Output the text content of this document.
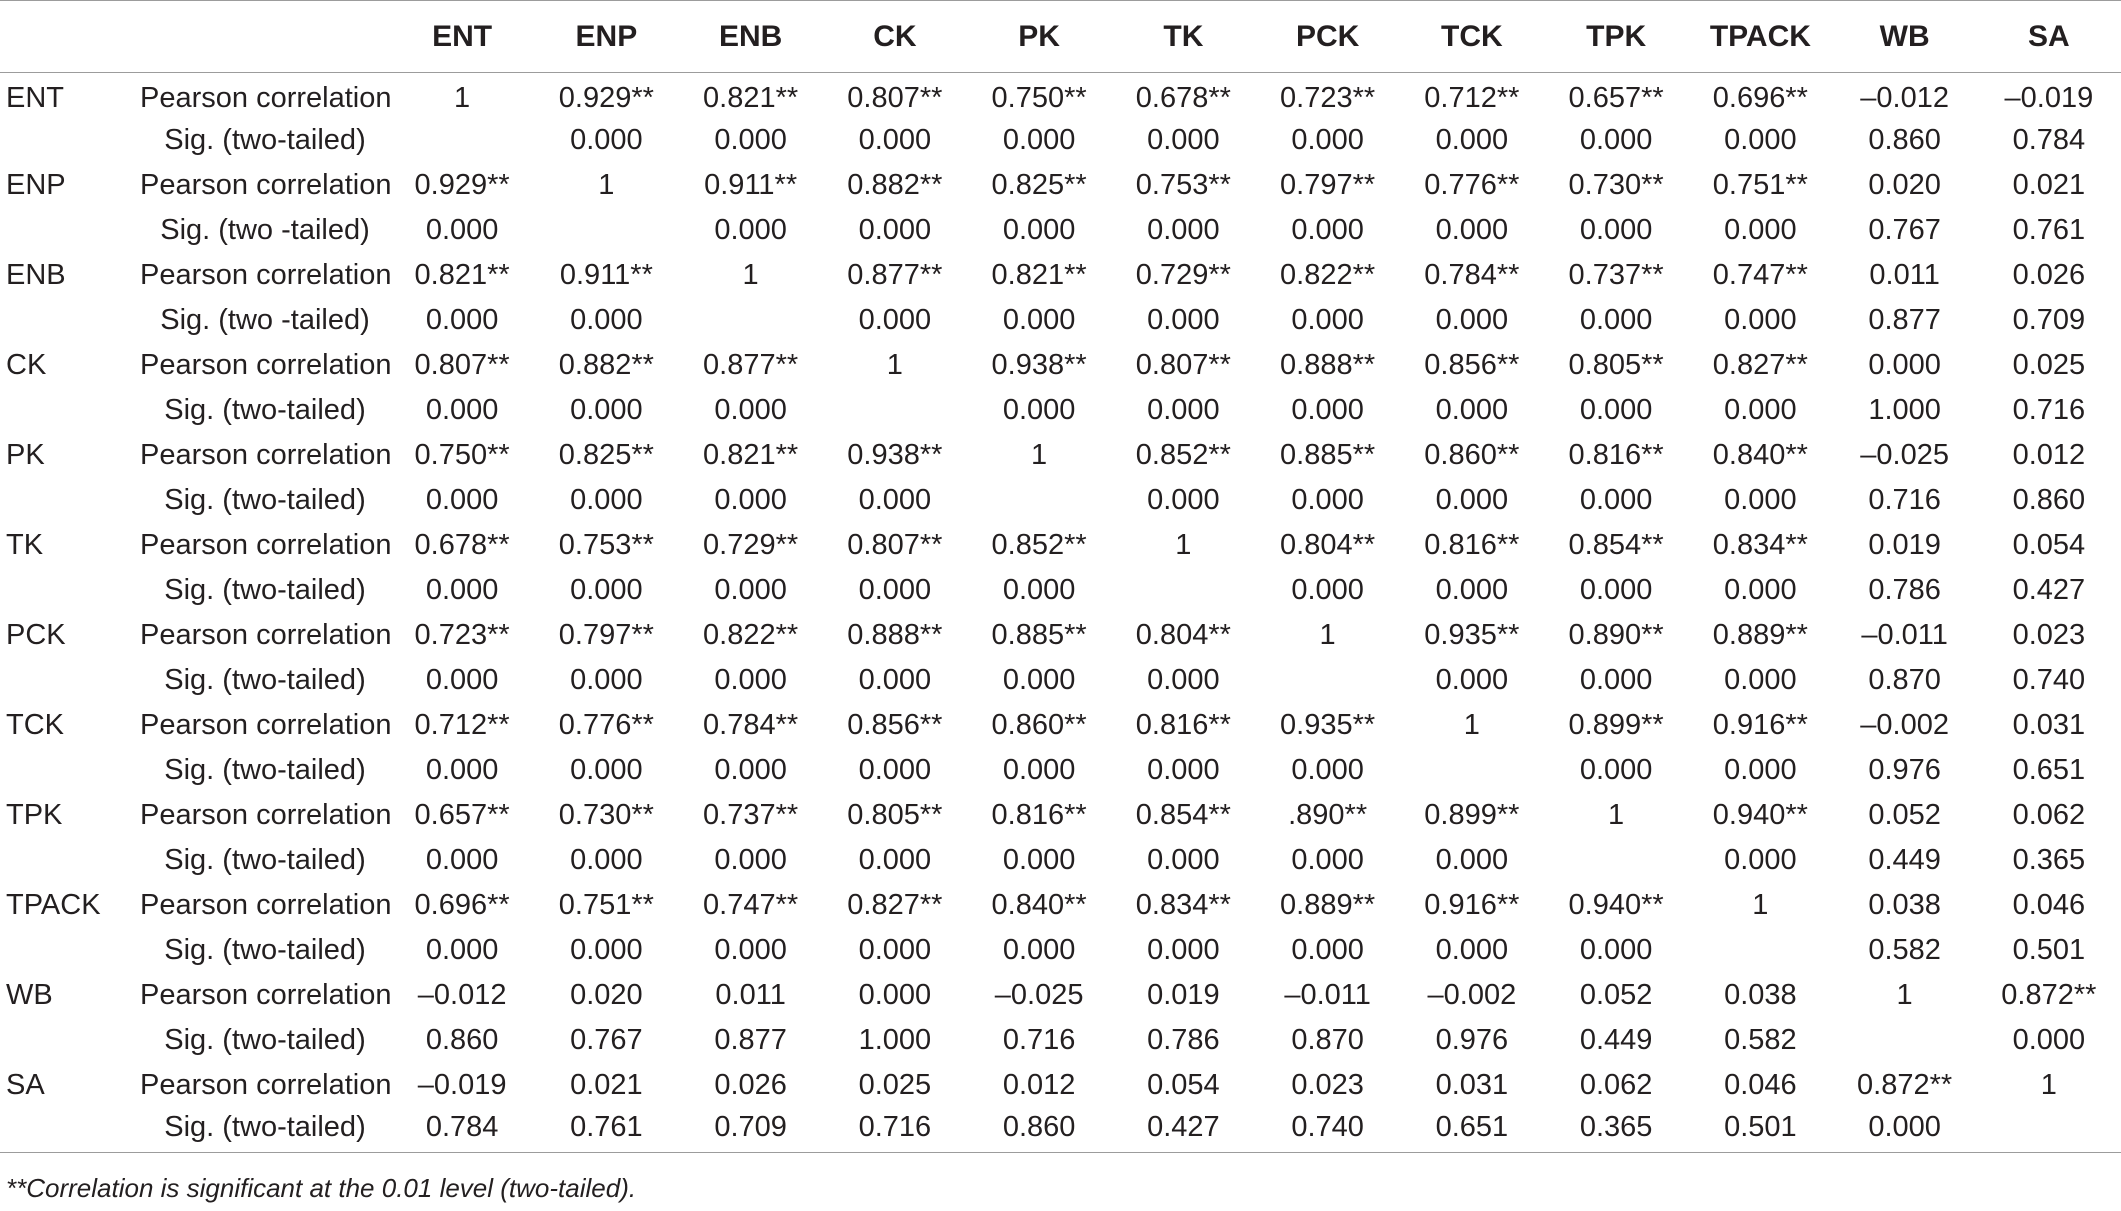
		ENT	ENP	ENB	CK	PK	TK	PCK	TCK	TPK	TPACK	WB	SA
ENT	Pearson correlation	1	0.929**	0.821**	0.807**	0.750**	0.678**	0.723**	0.712**	0.657**	0.696**	–0.012	–0.019
	Sig. (two-tailed)		0.000	0.000	0.000	0.000	0.000	0.000	0.000	0.000	0.000	0.860	0.784
ENP	Pearson correlation	0.929**	1	0.911**	0.882**	0.825**	0.753**	0.797**	0.776**	0.730**	0.751**	0.020	0.021
	Sig. (two -tailed)	0.000		0.000	0.000	0.000	0.000	0.000	0.000	0.000	0.000	0.767	0.761
ENB	Pearson correlation	0.821**	0.911**	1	0.877**	0.821**	0.729**	0.822**	0.784**	0.737**	0.747**	0.011	0.026
	Sig. (two -tailed)	0.000	0.000		0.000	0.000	0.000	0.000	0.000	0.000	0.000	0.877	0.709
CK	Pearson correlation	0.807**	0.882**	0.877**	1	0.938**	0.807**	0.888**	0.856**	0.805**	0.827**	0.000	0.025
	Sig. (two-tailed)	0.000	0.000	0.000		0.000	0.000	0.000	0.000	0.000	0.000	1.000	0.716
PK	Pearson correlation	0.750**	0.825**	0.821**	0.938**	1	0.852**	0.885**	0.860**	0.816**	0.840**	–0.025	0.012
	Sig. (two-tailed)	0.000	0.000	0.000	0.000		0.000	0.000	0.000	0.000	0.000	0.716	0.860
TK	Pearson correlation	0.678**	0.753**	0.729**	0.807**	0.852**	1	0.804**	0.816**	0.854**	0.834**	0.019	0.054
	Sig. (two-tailed)	0.000	0.000	0.000	0.000	0.000		0.000	0.000	0.000	0.000	0.786	0.427
PCK	Pearson correlation	0.723**	0.797**	0.822**	0.888**	0.885**	0.804**	1	0.935**	0.890**	0.889**	–0.011	0.023
	Sig. (two-tailed)	0.000	0.000	0.000	0.000	0.000	0.000		0.000	0.000	0.000	0.870	0.740
TCK	Pearson correlation	0.712**	0.776**	0.784**	0.856**	0.860**	0.816**	0.935**	1	0.899**	0.916**	–0.002	0.031
	Sig. (two-tailed)	0.000	0.000	0.000	0.000	0.000	0.000	0.000		0.000	0.000	0.976	0.651
TPK	Pearson correlation	0.657**	0.730**	0.737**	0.805**	0.816**	0.854**	.890**	0.899**	1	0.940**	0.052	0.062
	Sig. (two-tailed)	0.000	0.000	0.000	0.000	0.000	0.000	0.000	0.000		0.000	0.449	0.365
TPACK	Pearson correlation	0.696**	0.751**	0.747**	0.827**	0.840**	0.834**	0.889**	0.916**	0.940**	1	0.038	0.046
	Sig. (two-tailed)	0.000	0.000	0.000	0.000	0.000	0.000	0.000	0.000	0.000		0.582	0.501
WB	Pearson correlation	–0.012	0.020	0.011	0.000	–0.025	0.019	–0.011	–0.002	0.052	0.038	1	0.872**
	Sig. (two-tailed)	0.860	0.767	0.877	1.000	0.716	0.786	0.870	0.976	0.449	0.582		0.000
SA	Pearson correlation	–0.019	0.021	0.026	0.025	0.012	0.054	0.023	0.031	0.062	0.046	0.872**	1
	Sig. (two-tailed)	0.784	0.761	0.709	0.716	0.860	0.427	0.740	0.651	0.365	0.501	0.000	
**Correlation is significant at the 0.01 level (two-tailed).
